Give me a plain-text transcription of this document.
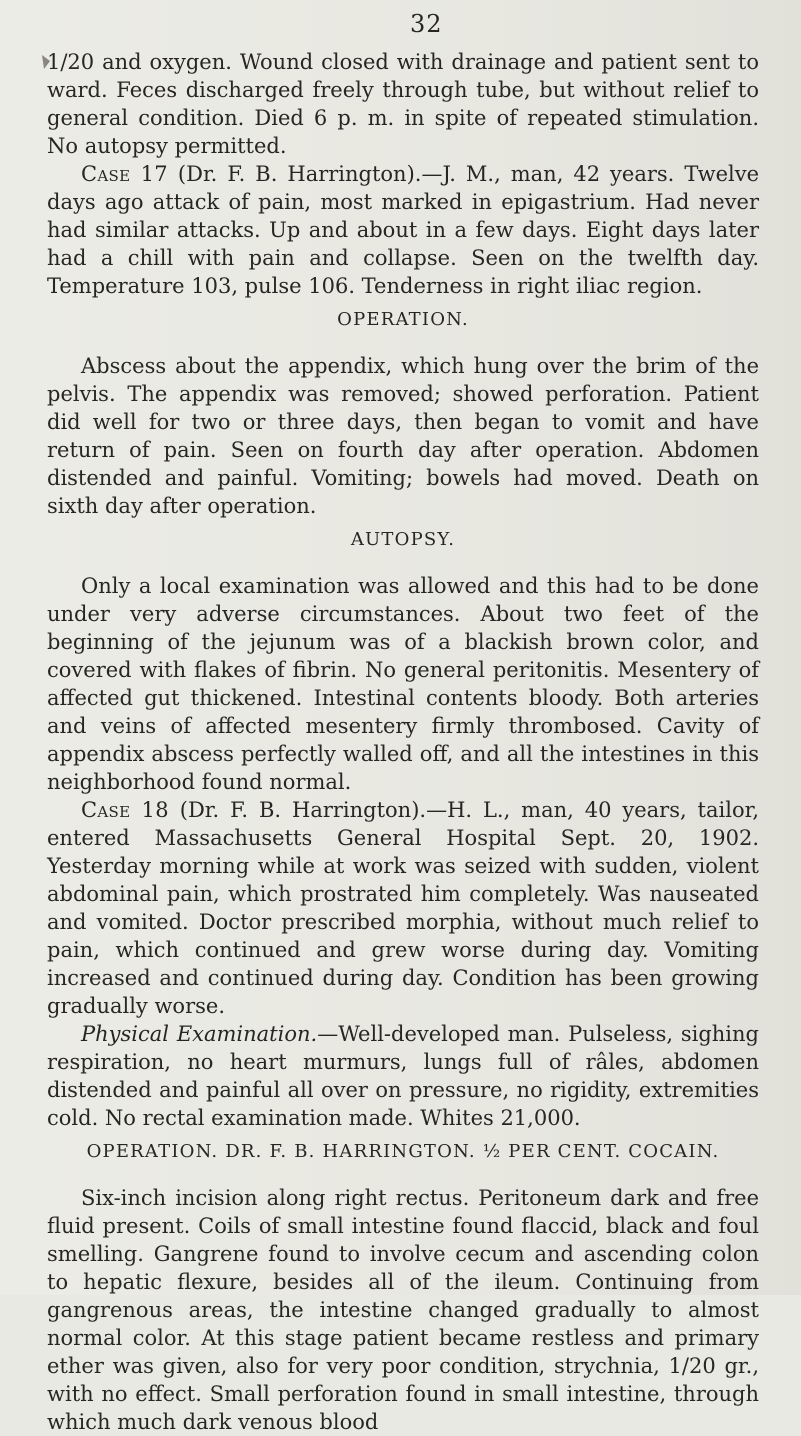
32

1/20 and oxygen. Wound closed with drainage and patient sent to ward. Feces discharged freely through tube, but without relief to general condition. Died 6 p. m. in spite of repeated stimulation. No autopsy permitted.

Case 17 (Dr. F. B. Harrington).—J. M., man, 42 years. Twelve days ago attack of pain, most marked in epigastrium. Had never had similar attacks. Up and about in a few days. Eight days later had a chill with pain and collapse. Seen on the twelfth day. Temperature 103, pulse 106. Tenderness in right iliac region.

OPERATION.

Abscess about the appendix, which hung over the brim of the pelvis. The appendix was removed; showed perforation. Patient did well for two or three days, then began to vomit and have return of pain. Seen on fourth day after operation. Abdomen distended and painful. Vomiting; bowels had moved. Death on sixth day after operation.

AUTOPSY.

Only a local examination was allowed and this had to be done under very adverse circumstances. About two feet of the beginning of the jejunum was of a blackish brown color, and covered with flakes of fibrin. No general peritonitis. Mesentery of affected gut thickened. Intestinal contents bloody. Both arteries and veins of affected mesentery firmly thrombosed. Cavity of appendix abscess perfectly walled off, and all the intestines in this neighborhood found normal.

Case 18 (Dr. F. B. Harrington).—H. L., man, 40 years, tailor, entered Massachusetts General Hospital Sept. 20, 1902. Yesterday morning while at work was seized with sudden, violent abdominal pain, which prostrated him completely. Was nauseated and vomited. Doctor prescribed morphia, without much relief to pain, which continued and grew worse during day. Vomiting increased and continued during day. Condition has been growing gradually worse.

Physical Examination.—Well-developed man. Pulseless, sighing respiration, no heart murmurs, lungs full of râles, abdomen distended and painful all over on pressure, no rigidity, extremities cold. No rectal examination made. Whites 21,000.

OPERATION. DR. F. B. HARRINGTON. ½ PER CENT. COCAIN.

Six-inch incision along right rectus. Peritoneum dark and free fluid present. Coils of small intestine found flaccid, black and foul smelling. Gangrene found to involve cecum and ascending colon to hepatic flexure, besides all of the ileum. Continuing from gangrenous areas, the intestine changed gradually to almost normal color. At this stage patient became restless and primary ether was given, also for very poor condition, strychnia, 1/20 gr., with no effect. Small perforation found in small intestine, through which much dark venous blood
